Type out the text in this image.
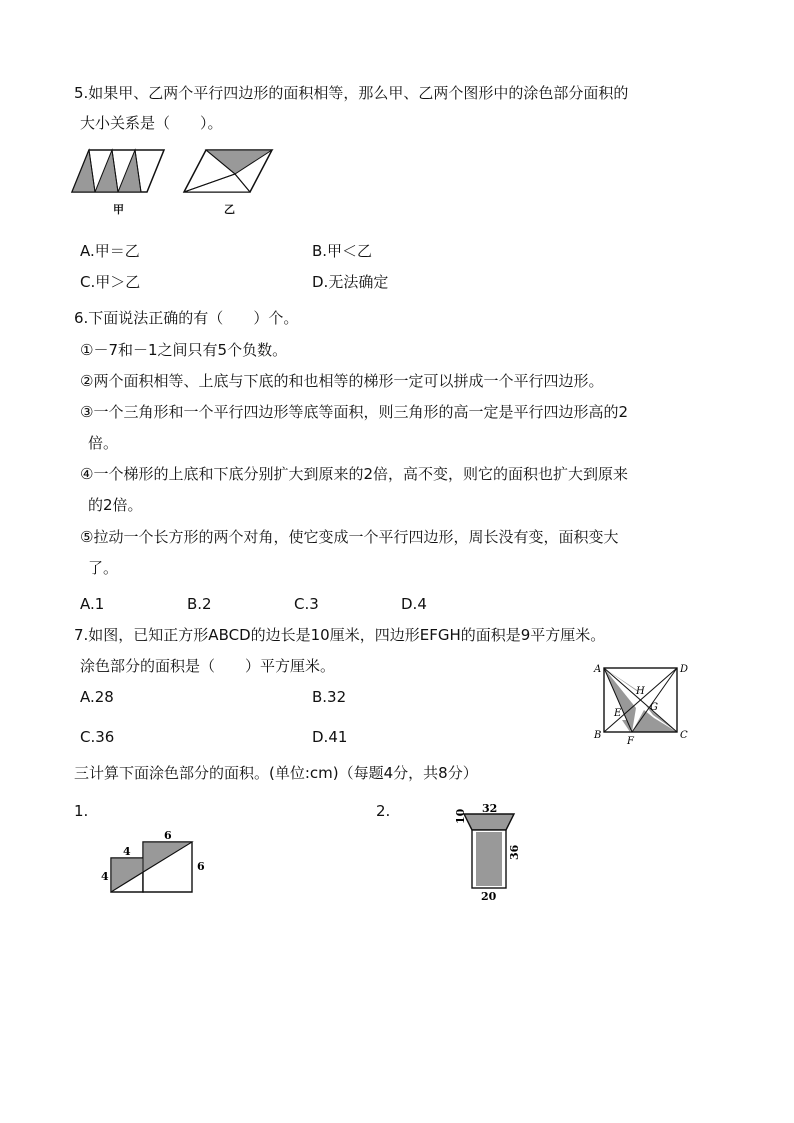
5.如果甲、乙两个平行四边形的面积相等，那么甲、乙两个图形中的涂色部分面积的
大小关系是（　　）。
甲	乙
A.甲＝乙	B.甲＜乙
C.甲＞乙	D.无法确定
6.下面说法正确的有（　　）个。
①－7和－1之间只有5个负数。
②两个面积相等、上底与下底的和也相等的梯形一定可以拼成一个平行四边形。
③一个三角形和一个平行四边形等底等面积，则三角形的高一定是平行四边形高的2
倍。
④一个梯形的上底和下底分别扩大到原来的2倍，高不变，则它的面积也扩大到原来
的2倍。
⑤拉动一个长方形的两个对角，使它变成一个平行四边形，周长没有变，面积变大
了。
A.1	B.2	C.3	D.4
7.如图，已知正方形ABCD的边长是10厘米，四边形EFGH的面积是9平方厘米。
涂色部分的面积是（　　）平方厘米。
A.28	B.32
C.36	D.41
A	D
B	C
E
F
G
H
三计算下面涂色部分的面积。(单位:cm)（每题4分，共8分）
1.	2.
6
4
4
6
32
10
36
20
